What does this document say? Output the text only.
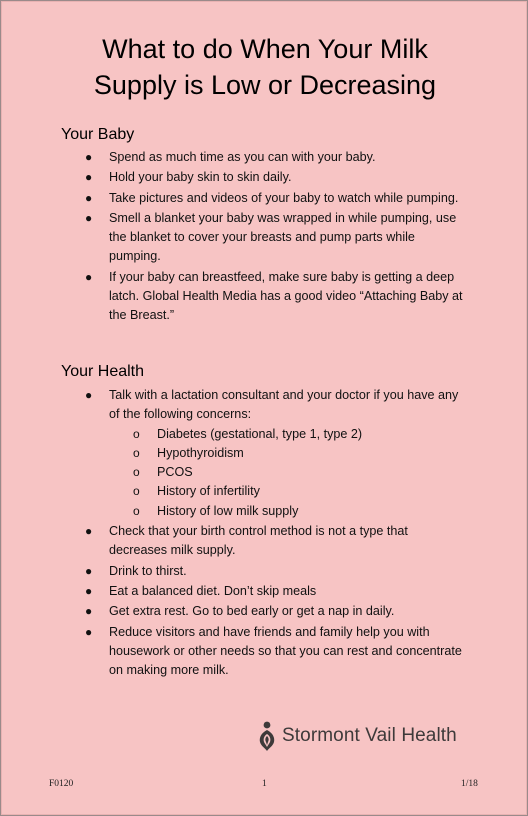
What to do When Your Milk
Supply is Low or Decreasing
Your Baby
● Spend as much time as you can with your baby.
● Hold your baby skin to skin daily.
● Take pictures and videos of your baby to watch while pumping.
● Smell a blanket your baby was wrapped in while pumping, use the blanket to cover your breasts and pump parts while pumping.
● If your baby can breastfeed, make sure baby is getting a deep latch. Global Health Media has a good video “Attaching Baby at the Breast.”
Your Health
● Talk with a lactation consultant and your doctor if you have any of the following concerns:
o Diabetes (gestational, type 1, type 2)
o Hypothyroidism
o PCOS
o History of infertility
o History of low milk supply
● Check that your birth control method is not a type that decreases milk supply.
● Drink to thirst.
● Eat a balanced diet. Don’t skip meals
● Get extra rest. Go to bed early or get a nap in daily.
● Reduce visitors and have friends and family help you with housework or other needs so that you can rest and concentrate on making more milk.
Stormont Vail Health
F0120	1	1/18
